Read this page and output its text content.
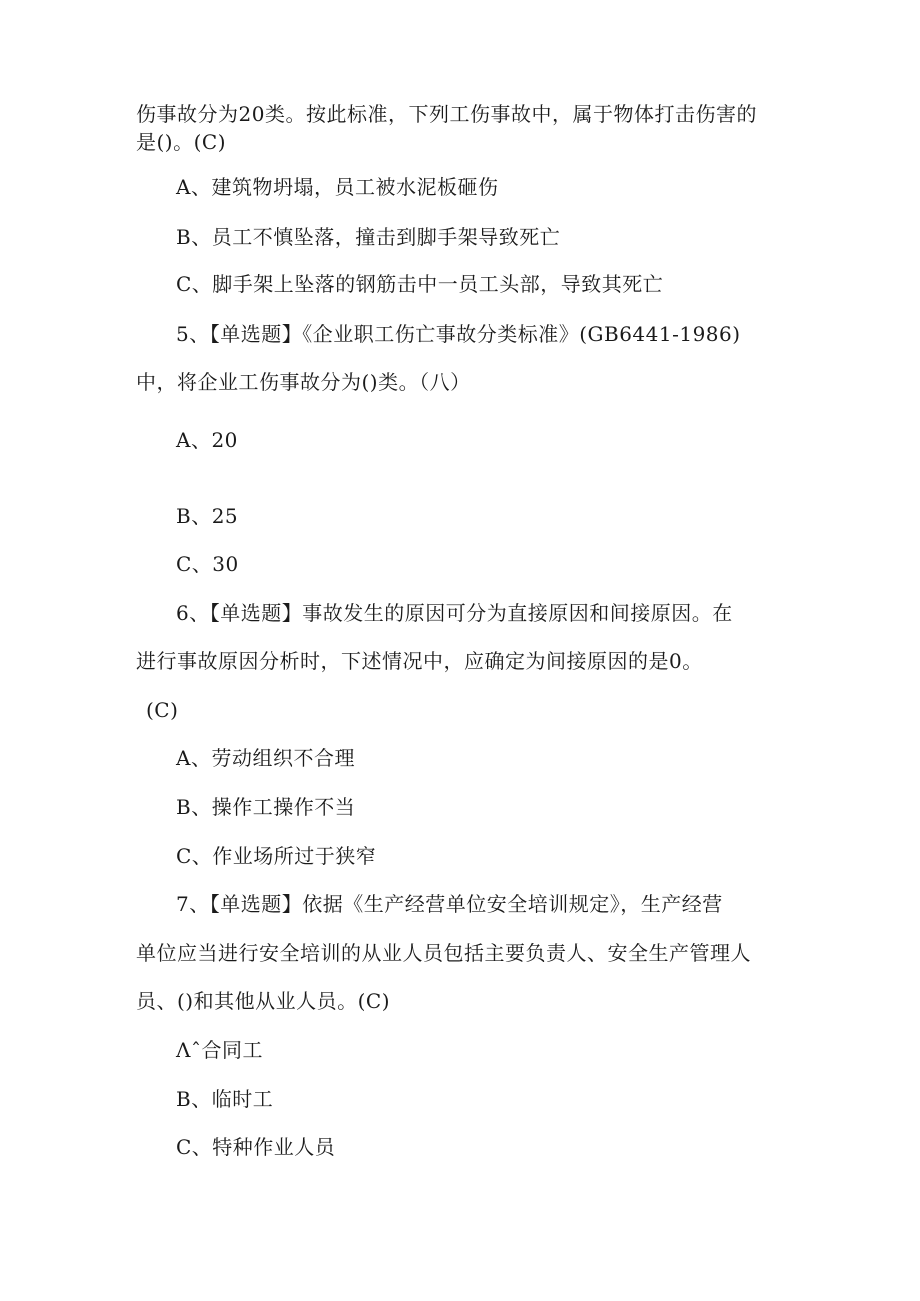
伤事故分为20类。按此标准，下列工伤事故中，属于物体打击伤害的
是()。(C)
A、建筑物坍塌，员工被水泥板砸伤
B、员工不慎坠落，撞击到脚手架导致死亡
C、脚手架上坠落的钢筋击中一员工头部，导致其死亡
5、【单选题】《企业职工伤亡事故分类标准》(GB6441-1986)
中，将企业工伤事故分为()类。（八）
A、20
B、25
C、30
6、【单选题】事故发生的原因可分为直接原因和间接原因。在
进行事故原因分析时，下述情况中，应确定为间接原因的是0。
(C)
A、劳动组织不合理
B、操作工操作不当
C、作业场所过于狭窄
7、【单选题】依据《生产经营单位安全培训规定》，生产经营
单位应当进行安全培训的从业人员包括主要负责人、安全生产管理人
员、()和其他从业人员。(C)
Λˆ合同工
B、临时工
C、特种作业人员
